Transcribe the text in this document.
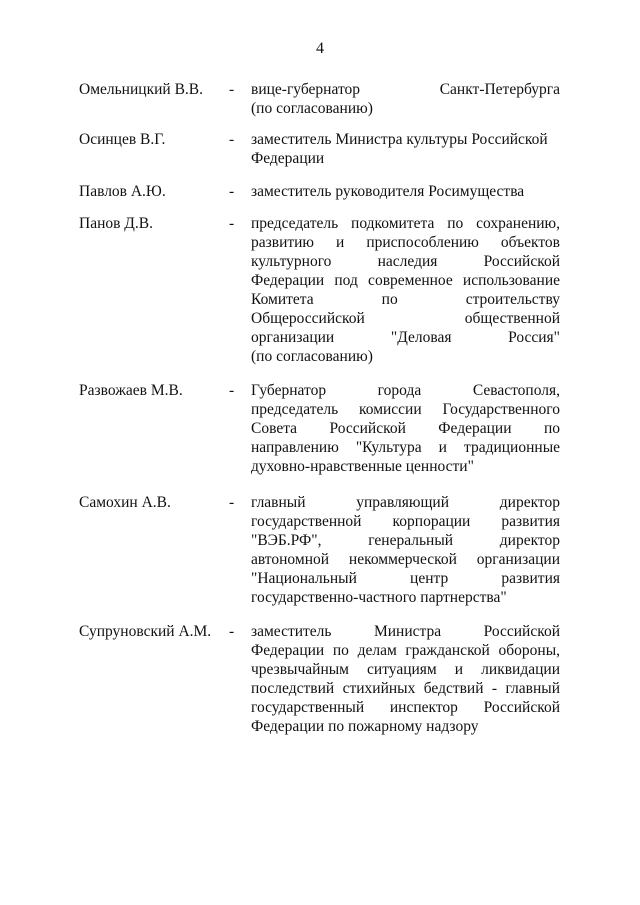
4
Омельницкий В.В. - вице-губернатор Санкт-Петербурга
(по согласованию)
Осинцев В.Г.	- заместитель Министра культуры Российской
Федерации
Павлов А.Ю.	- заместитель руководителя Росимущества
Панов Д.В.	- председатель подкомитета по сохранению,
развитию и приспособлению объектов
культурного наследия Российской
Федерации под современное использование
Комитета по строительству
Общероссийской общественной
организации "Деловая Россия"
(по согласованию)
Развожаев М.В.	- Губернатор города Севастополя,
председатель комиссии Государственного
Совета Российской Федерации по
направлению "Культура и традиционные
духовно-нравственные ценности"
Самохин А.В.	- главный управляющий директор
государственной корпорации развития
"ВЭБ.РФ", генеральный директор
автономной некоммерческой организации
"Национальный центр развития
государственно-частного партнерства"
Супруновский А.М. - заместитель Министра Российской
Федерации по делам гражданской обороны,
чрезвычайным ситуациям и ликвидации
последствий стихийных бедствий - главный
государственный инспектор Российской
Федерации по пожарному надзору
